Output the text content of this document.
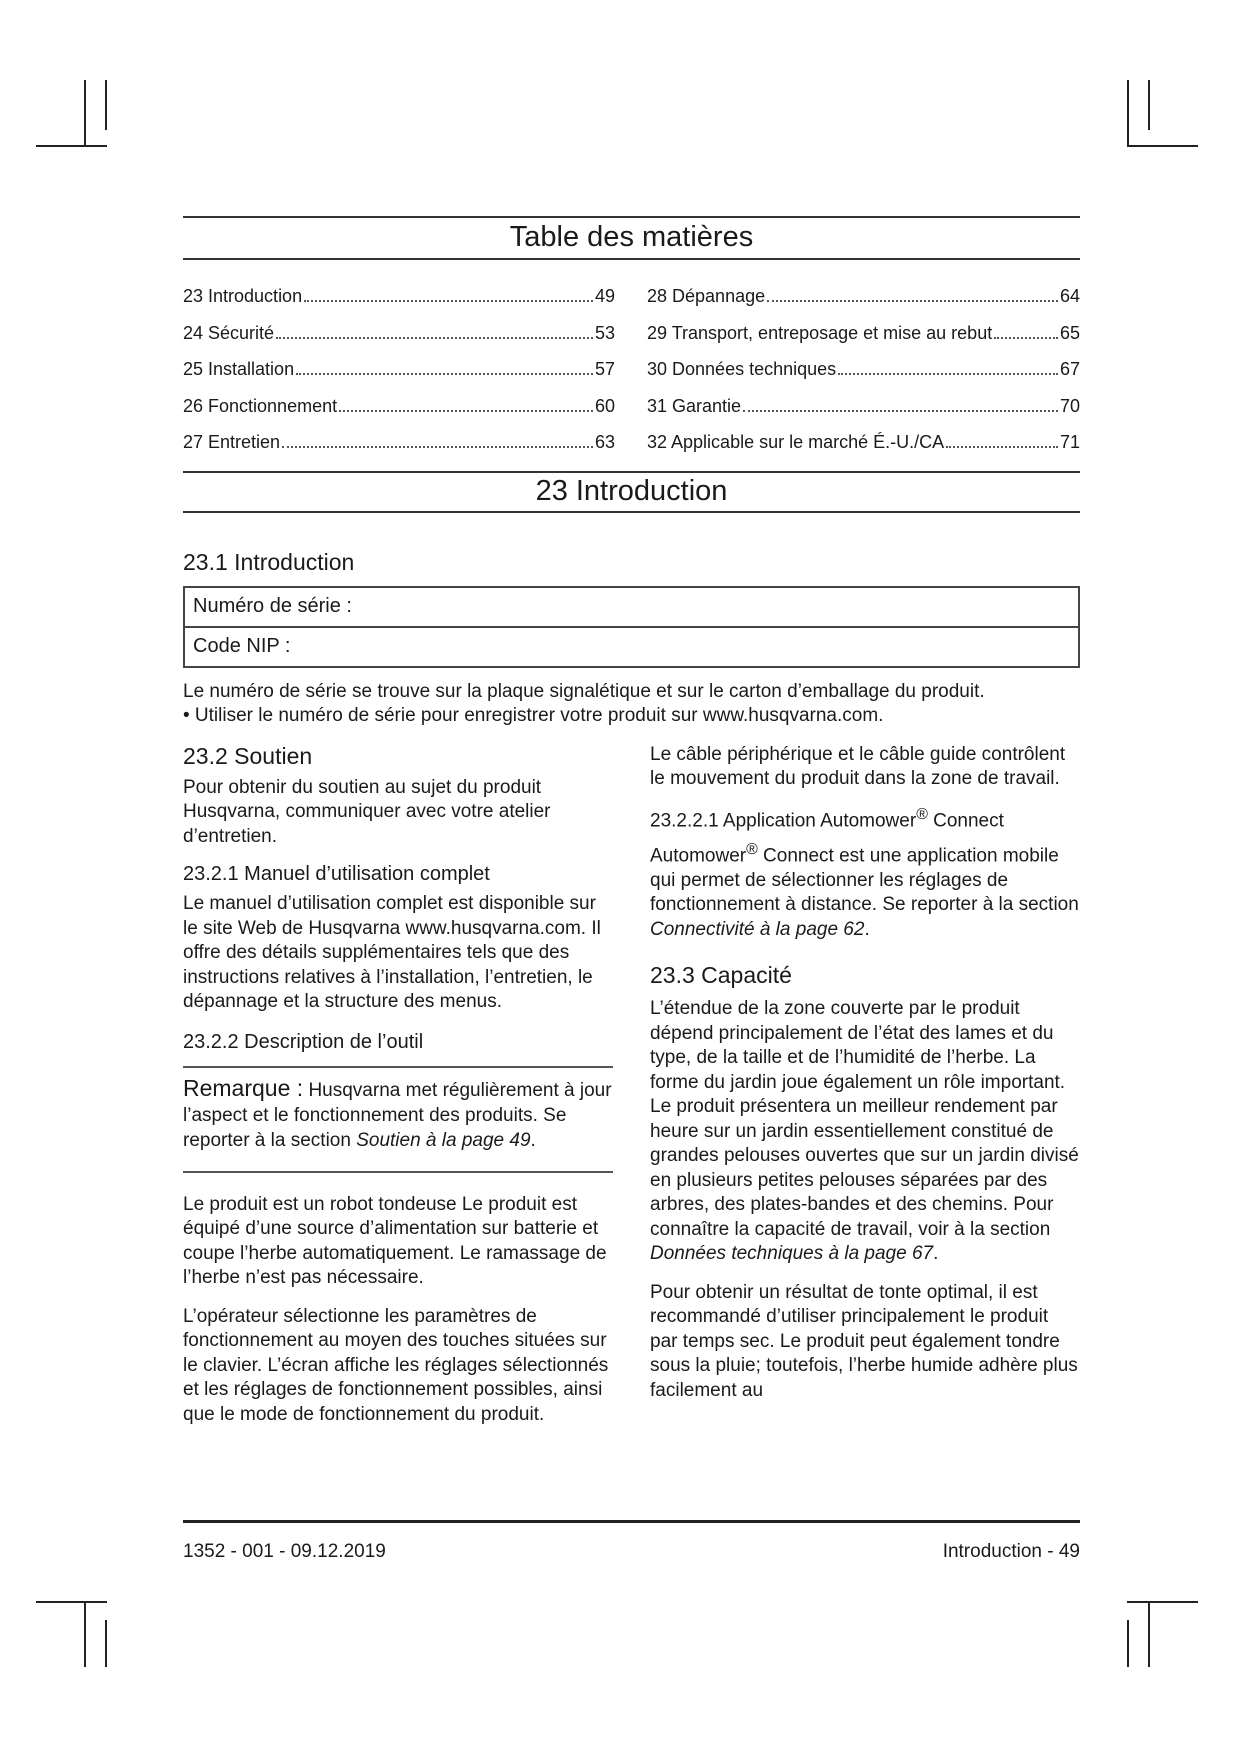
Table des matières
23 Introduction	49
24 Sécurité	53
25 Installation	57
26 Fonctionnement	60
27 Entretien	63
28 Dépannage	64
29 Transport, entreposage et mise au rebut	65
30 Données techniques	67
31 Garantie	70
32 Applicable sur le marché É.-U./CA	71
23 Introduction
23.1 Introduction
Numéro de série :
Code NIP :

Le numéro de série se trouve sur la plaque signalétique et sur le carton d’emballage du produit.

• Utiliser le numéro de série pour enregistrer votre produit sur www.husqvarna.com.

23.2 Soutien

Pour obtenir du soutien au sujet du produit Husqvarna, communiquer avec votre atelier d’entretien.

23.2.1 Manuel d’utilisation complet

Le manuel d’utilisation complet est disponible sur le site Web de Husqvarna www.husqvarna.com. Il offre des détails supplémentaires tels que des instructions relatives à l’installation, l’entretien, le dépannage et la structure des menus.

23.2.2 Description de l’outil
Remarque : Husqvarna met régulièrement à jour l’aspect et le fonctionnement des produits. Se reporter à la section Soutien à la page 49.

Le produit est un robot tondeuse Le produit est équipé d’une source d’alimentation sur batterie et coupe l’herbe automatiquement. Le ramassage de l’herbe n’est pas nécessaire.

L’opérateur sélectionne les paramètres de fonctionnement au moyen des touches situées sur le clavier. L’écran affiche les réglages sélectionnés et les réglages de fonctionnement possibles, ainsi que le mode de fonctionnement du produit.

Le câble périphérique et le câble guide contrôlent le mouvement du produit dans la zone de travail.

23.2.2.1 Application Automower® Connect

Automower® Connect est une application mobile qui permet de sélectionner les réglages de fonctionnement à distance. Se reporter à la section Connectivité à la page 62.

23.3 Capacité

L’étendue de la zone couverte par le produit dépend principalement de l’état des lames et du type, de la taille et de l’humidité de l’herbe. La forme du jardin joue également un rôle important. Le produit présentera un meilleur rendement par heure sur un jardin essentiellement constitué de grandes pelouses ouvertes que sur un jardin divisé en plusieurs petites pelouses séparées par des arbres, des plates-bandes et des chemins. Pour connaître la capacité de travail, voir à la section Données techniques à la page 67.

Pour obtenir un résultat de tonte optimal, il est recommandé d’utiliser principalement le produit par temps sec. Le produit peut également tondre sous la pluie; toutefois, l’herbe humide adhère plus facilement au

1352 - 001 - 09.12.2019	Introduction - 49
